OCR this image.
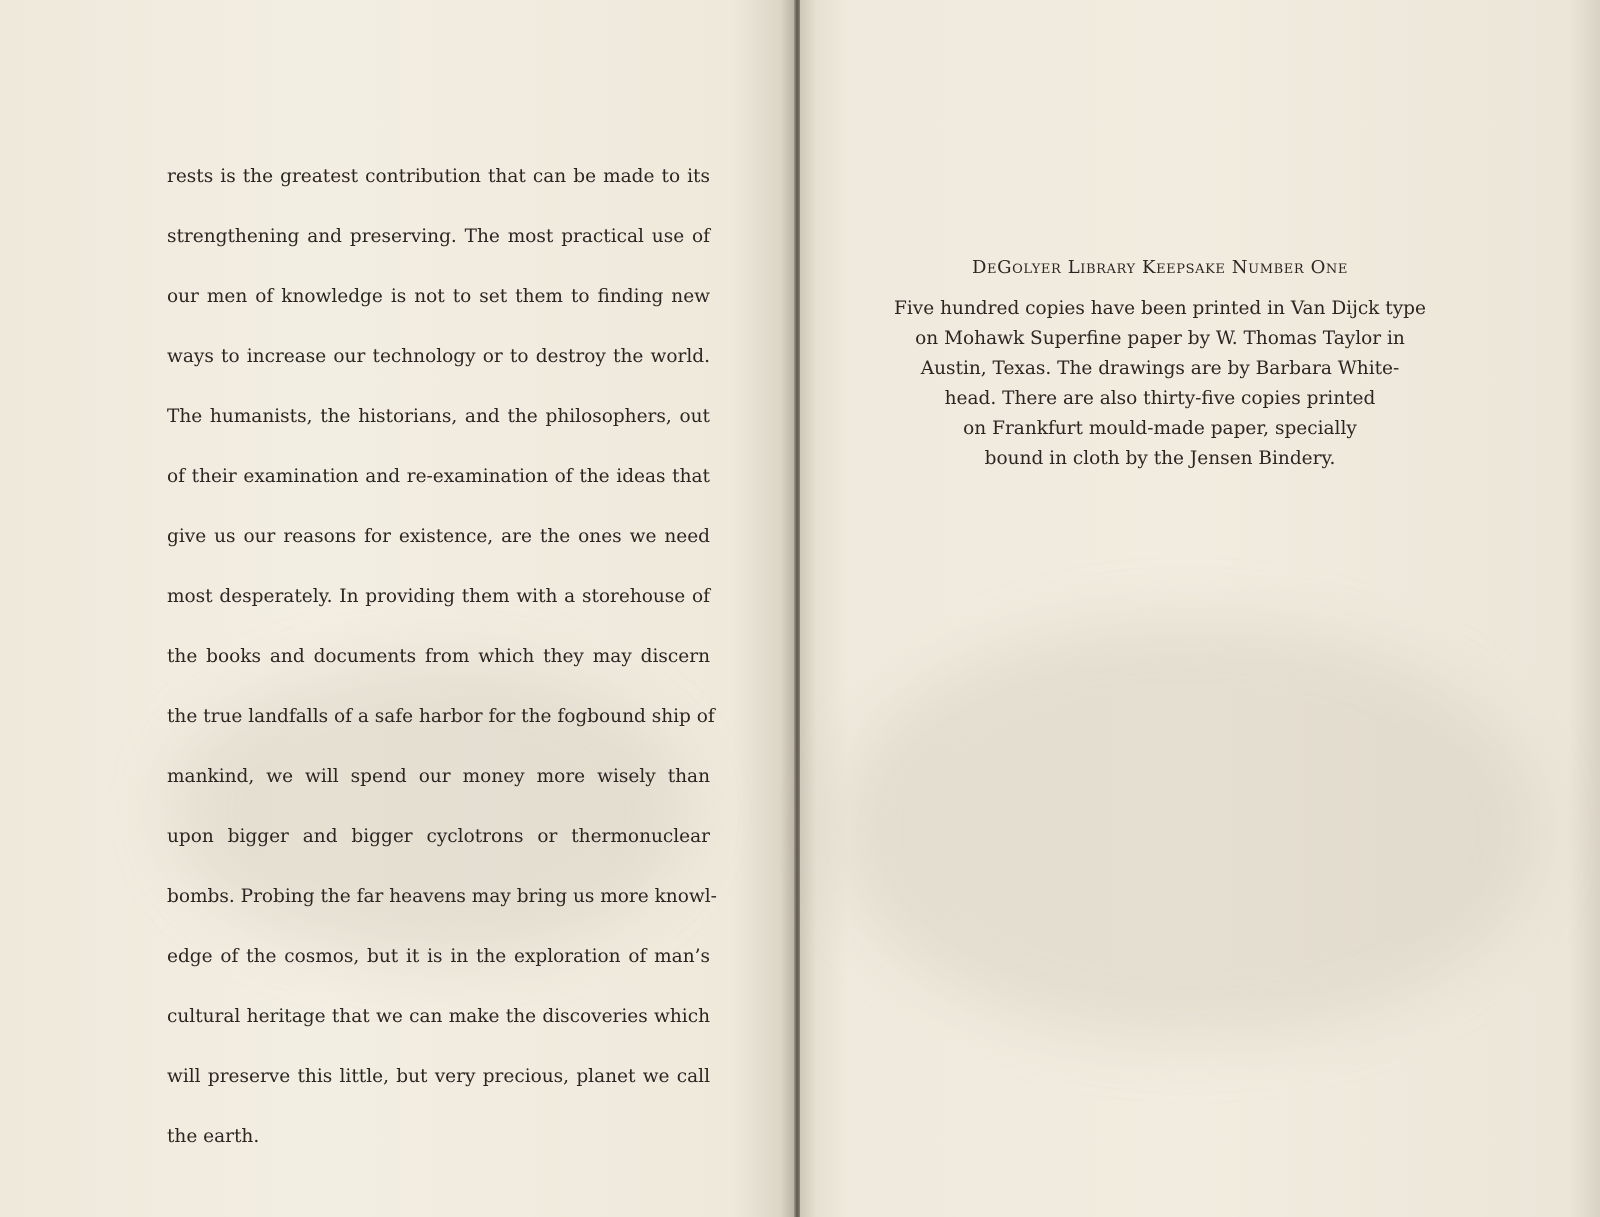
rests is the greatest contribution that can be made to its

strengthening and preserving. The most practical use of

our men of knowledge is not to set them to finding new

ways to increase our technology or to destroy the world.

The humanists, the historians, and the philosophers, out

of their examination and re-examination of the ideas that

give us our reasons for existence, are the ones we need

most desperately. In providing them with a storehouse of

the books and documents from which they may discern

the true landfalls of a safe harbor for the fogbound ship of

mankind, we will spend our money more wisely than

upon bigger and bigger cyclotrons or thermonuclear

bombs. Probing the far heavens may bring us more knowl-

edge of the cosmos, but it is in the exploration of man’s

cultural heritage that we can make the discoveries which

will preserve this little, but very precious, planet we call

the earth.

DeGolyer Library Keepsake Number One

Five hundred copies have been printed in Van Dijck type
on Mohawk Superfine paper by W. Thomas Taylor in
Austin, Texas. The drawings are by Barbara White-
head. There are also thirty-five copies printed
on Frankfurt mould-made paper, specially
bound in cloth by the Jensen Bindery.
